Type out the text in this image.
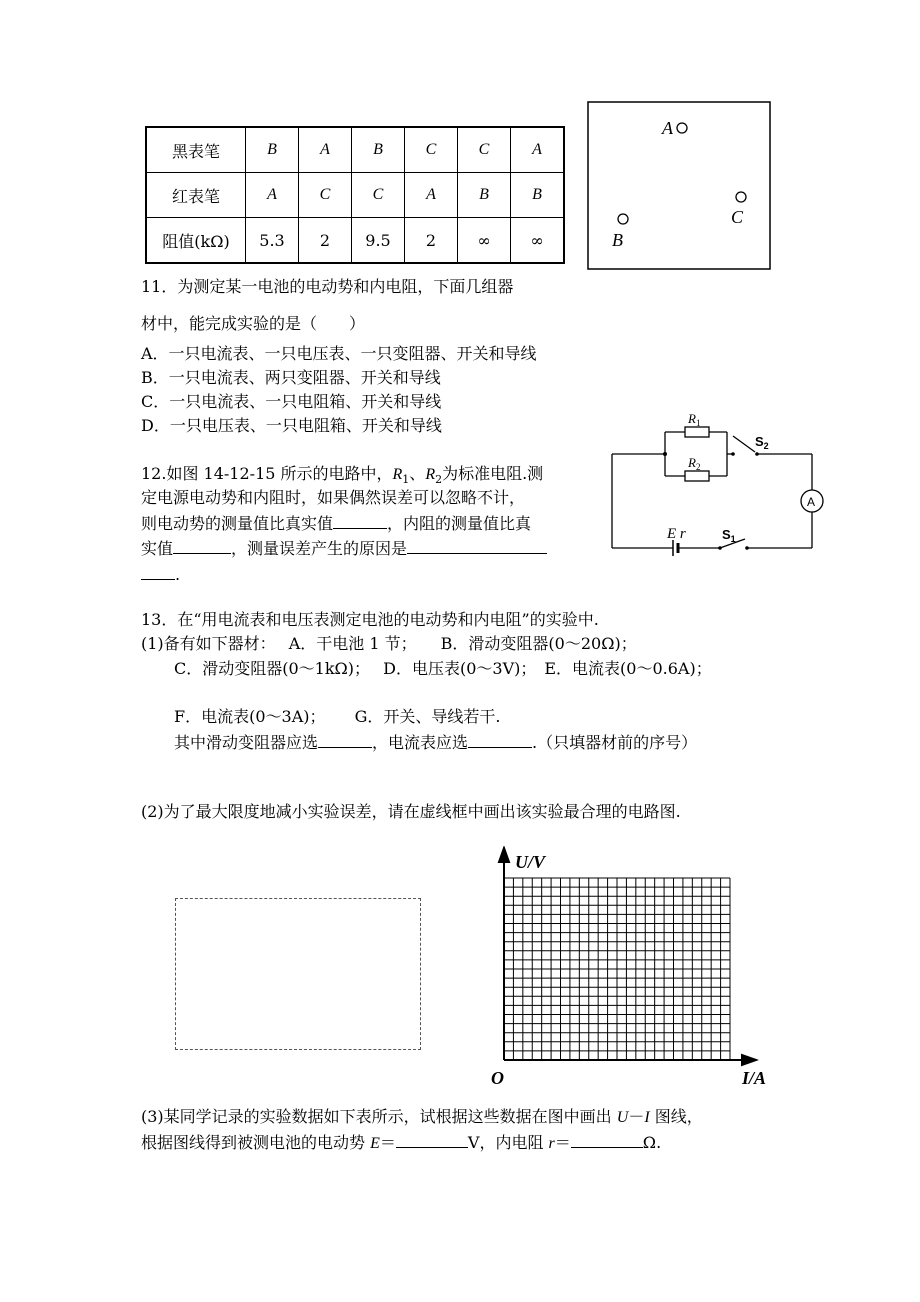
黑表笔	B	A	B	C	C	A
红表笔	A	C	C	A	B	B
阻值(kΩ)	5.3	2	9.5	2	∞	∞
A
C
B
11．为测定某一电池的电动势和内电阻，下面几组器
材中，能完成实验的是（　　）
A．一只电流表、一只电压表、一只变阻器、开关和导线
B．一只电流表、两只变阻器、开关和导线
C．一只电流表、一只电阻箱、开关和导线
D．一只电压表、一只电阻箱、开关和导线
12.如图 14-12-15 所示的电路中，$R_1$、$R_2$为标准电阻.测
定电源电动势和内阻时，如果偶然误差可以忽略不计，
则电动势的测量值比真实值	，内阻的测量值比真
实值	，测量误差产生的原因是
.
$R_1$
$R_2$
$S_2$
A
E r	$S_1$
13．在“用电流表和电压表测定电池的电动势和内电阻”的实验中.
(1)备有如下器材：　 A．干电池 1 节；　　B．滑动变阻器(0～20Ω)；
C．滑动变阻器(0～1kΩ)；　 D．电压表(0～3V)；　E．电流表(0～0.6A)；
F．电流表(0～3A)；　　 G．开关、导线若干.
其中滑动变阻器应选	，电流表应选	.（只填器材前的序号）
(2)为了最大限度地减小实验误差，请在虚线框中画出该实验最合理的电路图.
U/V
O	I/A
(3)某同学记录的实验数据如下表所示，试根据这些数据在图中画出 U－I 图线，
根据图线得到被测电池的电动势 E＝	V，内电阻 r＝	Ω.
